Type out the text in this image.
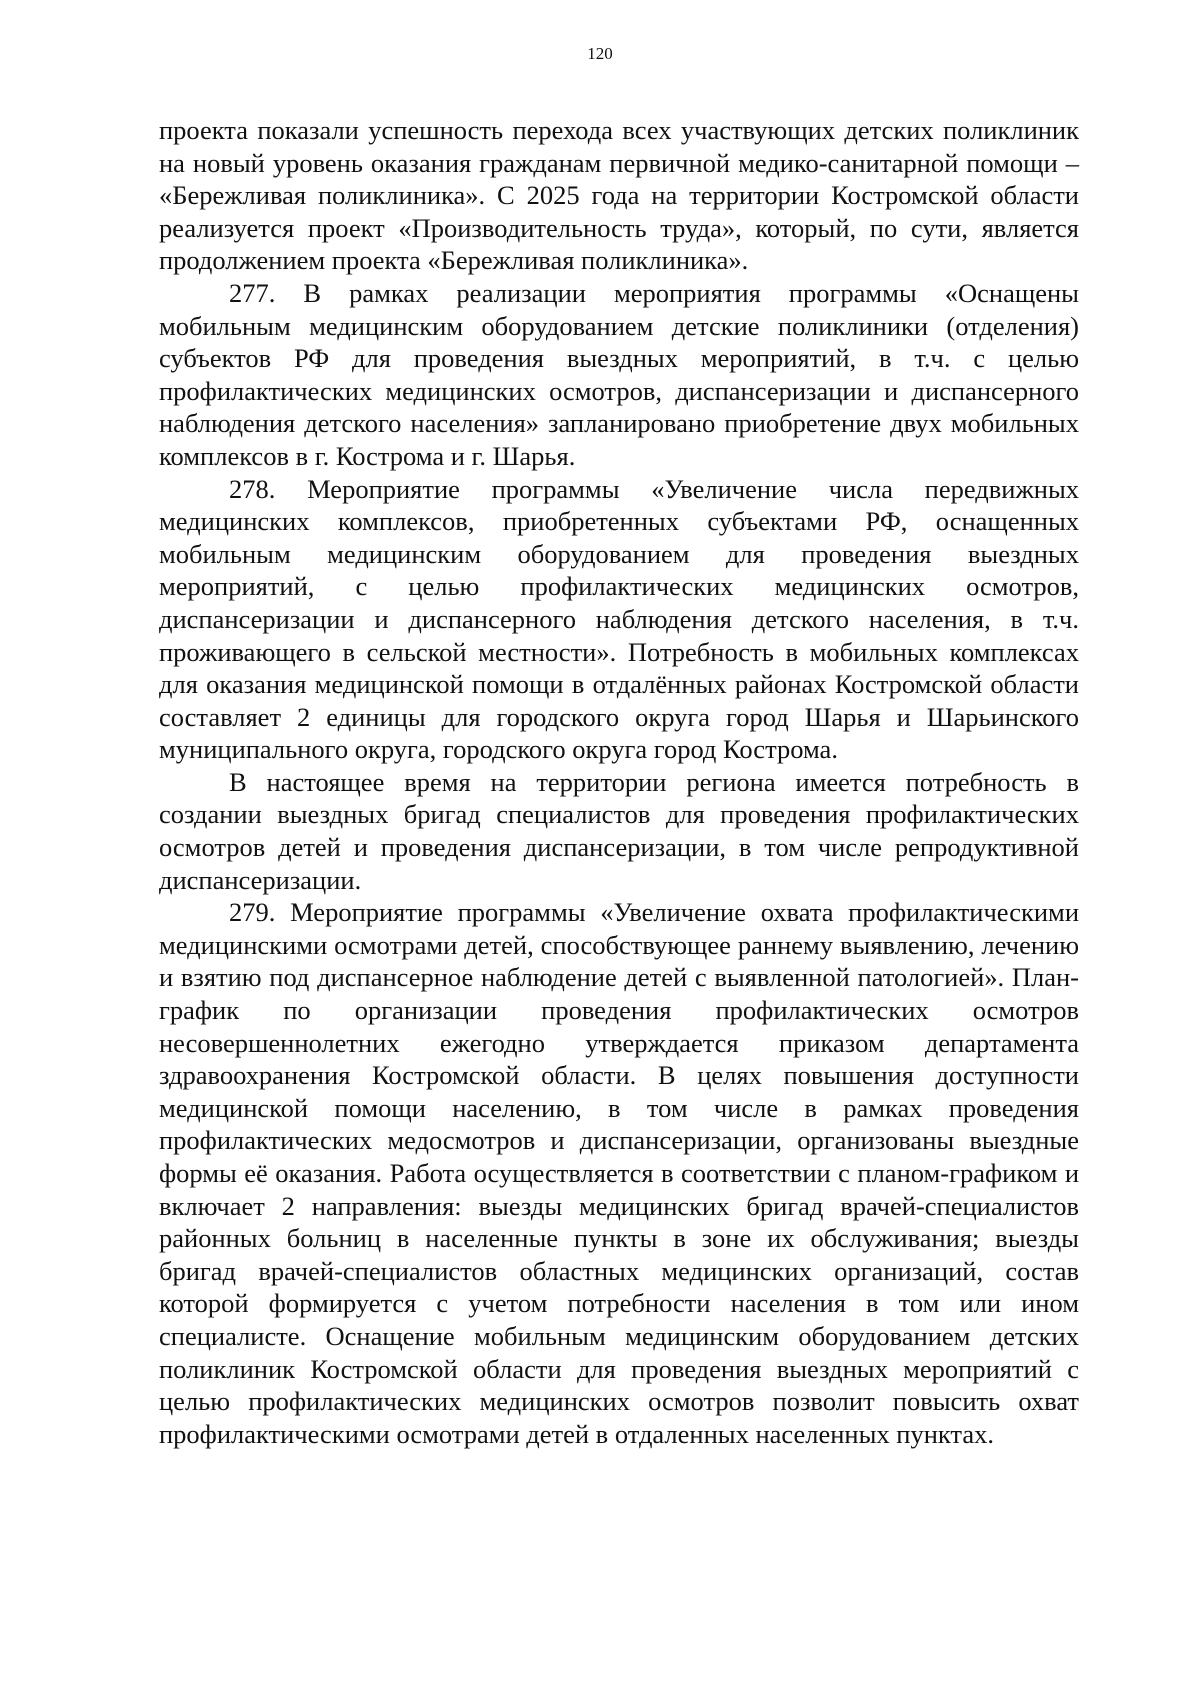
120

проекта показали успешность перехода всех участвующих детских поликлиник на новый уровень оказания гражданам первичной медико-санитарной помощи – «Бережливая поликлиника». С 2025 года на территории Костромской области реализуется проект «Производительность труда», который, по сути, является продолжением проекта «Бережливая поликлиника».

277. В рамках реализации мероприятия программы «Оснащены мобильным медицинским оборудованием детские поликлиники (отделения) субъектов РФ для проведения выездных мероприятий, в т.ч. с целью профилактических медицинских осмотров, диспансеризации и диспансерного наблюдения детского населения» запланировано приобретение двух мобильных комплексов в г. Кострома и г. Шарья.

278. Мероприятие программы «Увеличение числа передвижных медицинских комплексов, приобретенных субъектами РФ, оснащенных мобильным медицинским оборудованием для проведения выездных мероприятий, с целью профилактических медицинских осмотров, диспансеризации и диспансерного наблюдения детского населения, в т.ч. проживающего в сельской местности». Потребность в мобильных комплексах для оказания медицинской помощи в отдалённых районах Костромской области составляет 2 единицы для городского округа город Шарья и Шарьинского муниципального округа, городского округа город Кострома.

В настоящее время на территории региона имеется потребность в создании выездных бригад специалистов для проведения профилактических осмотров детей и проведения диспансеризации, в том числе репродуктивной диспансеризации.

279. Мероприятие программы «Увеличение охвата профилактическими медицинскими осмотрами детей, способствующее раннему выявлению, лечению и взятию под диспансерное наблюдение детей с выявленной патологией». План-график по организации проведения профилактических осмотров несовершеннолетних ежегодно утверждается приказом департамента здравоохранения Костромской области. В целях повышения доступности медицинской помощи населению, в том числе в рамках проведения профилактических медосмотров и диспансеризации, организованы выездные формы её оказания. Работа осуществляется в соответствии с планом-графиком и включает 2 направления: выезды медицинских бригад врачей-специалистов районных больниц в населенные пункты в зоне их обслуживания; выезды бригад врачей-специалистов областных медицинских организаций, состав которой формируется с учетом потребности населения в том или ином специалисте. Оснащение мобильным медицинским оборудованием детских поликлиник Костромской области для проведения выездных мероприятий с целью профилактических медицинских осмотров позволит повысить охват профилактическими осмотрами детей в отдаленных населенных пунктах.
